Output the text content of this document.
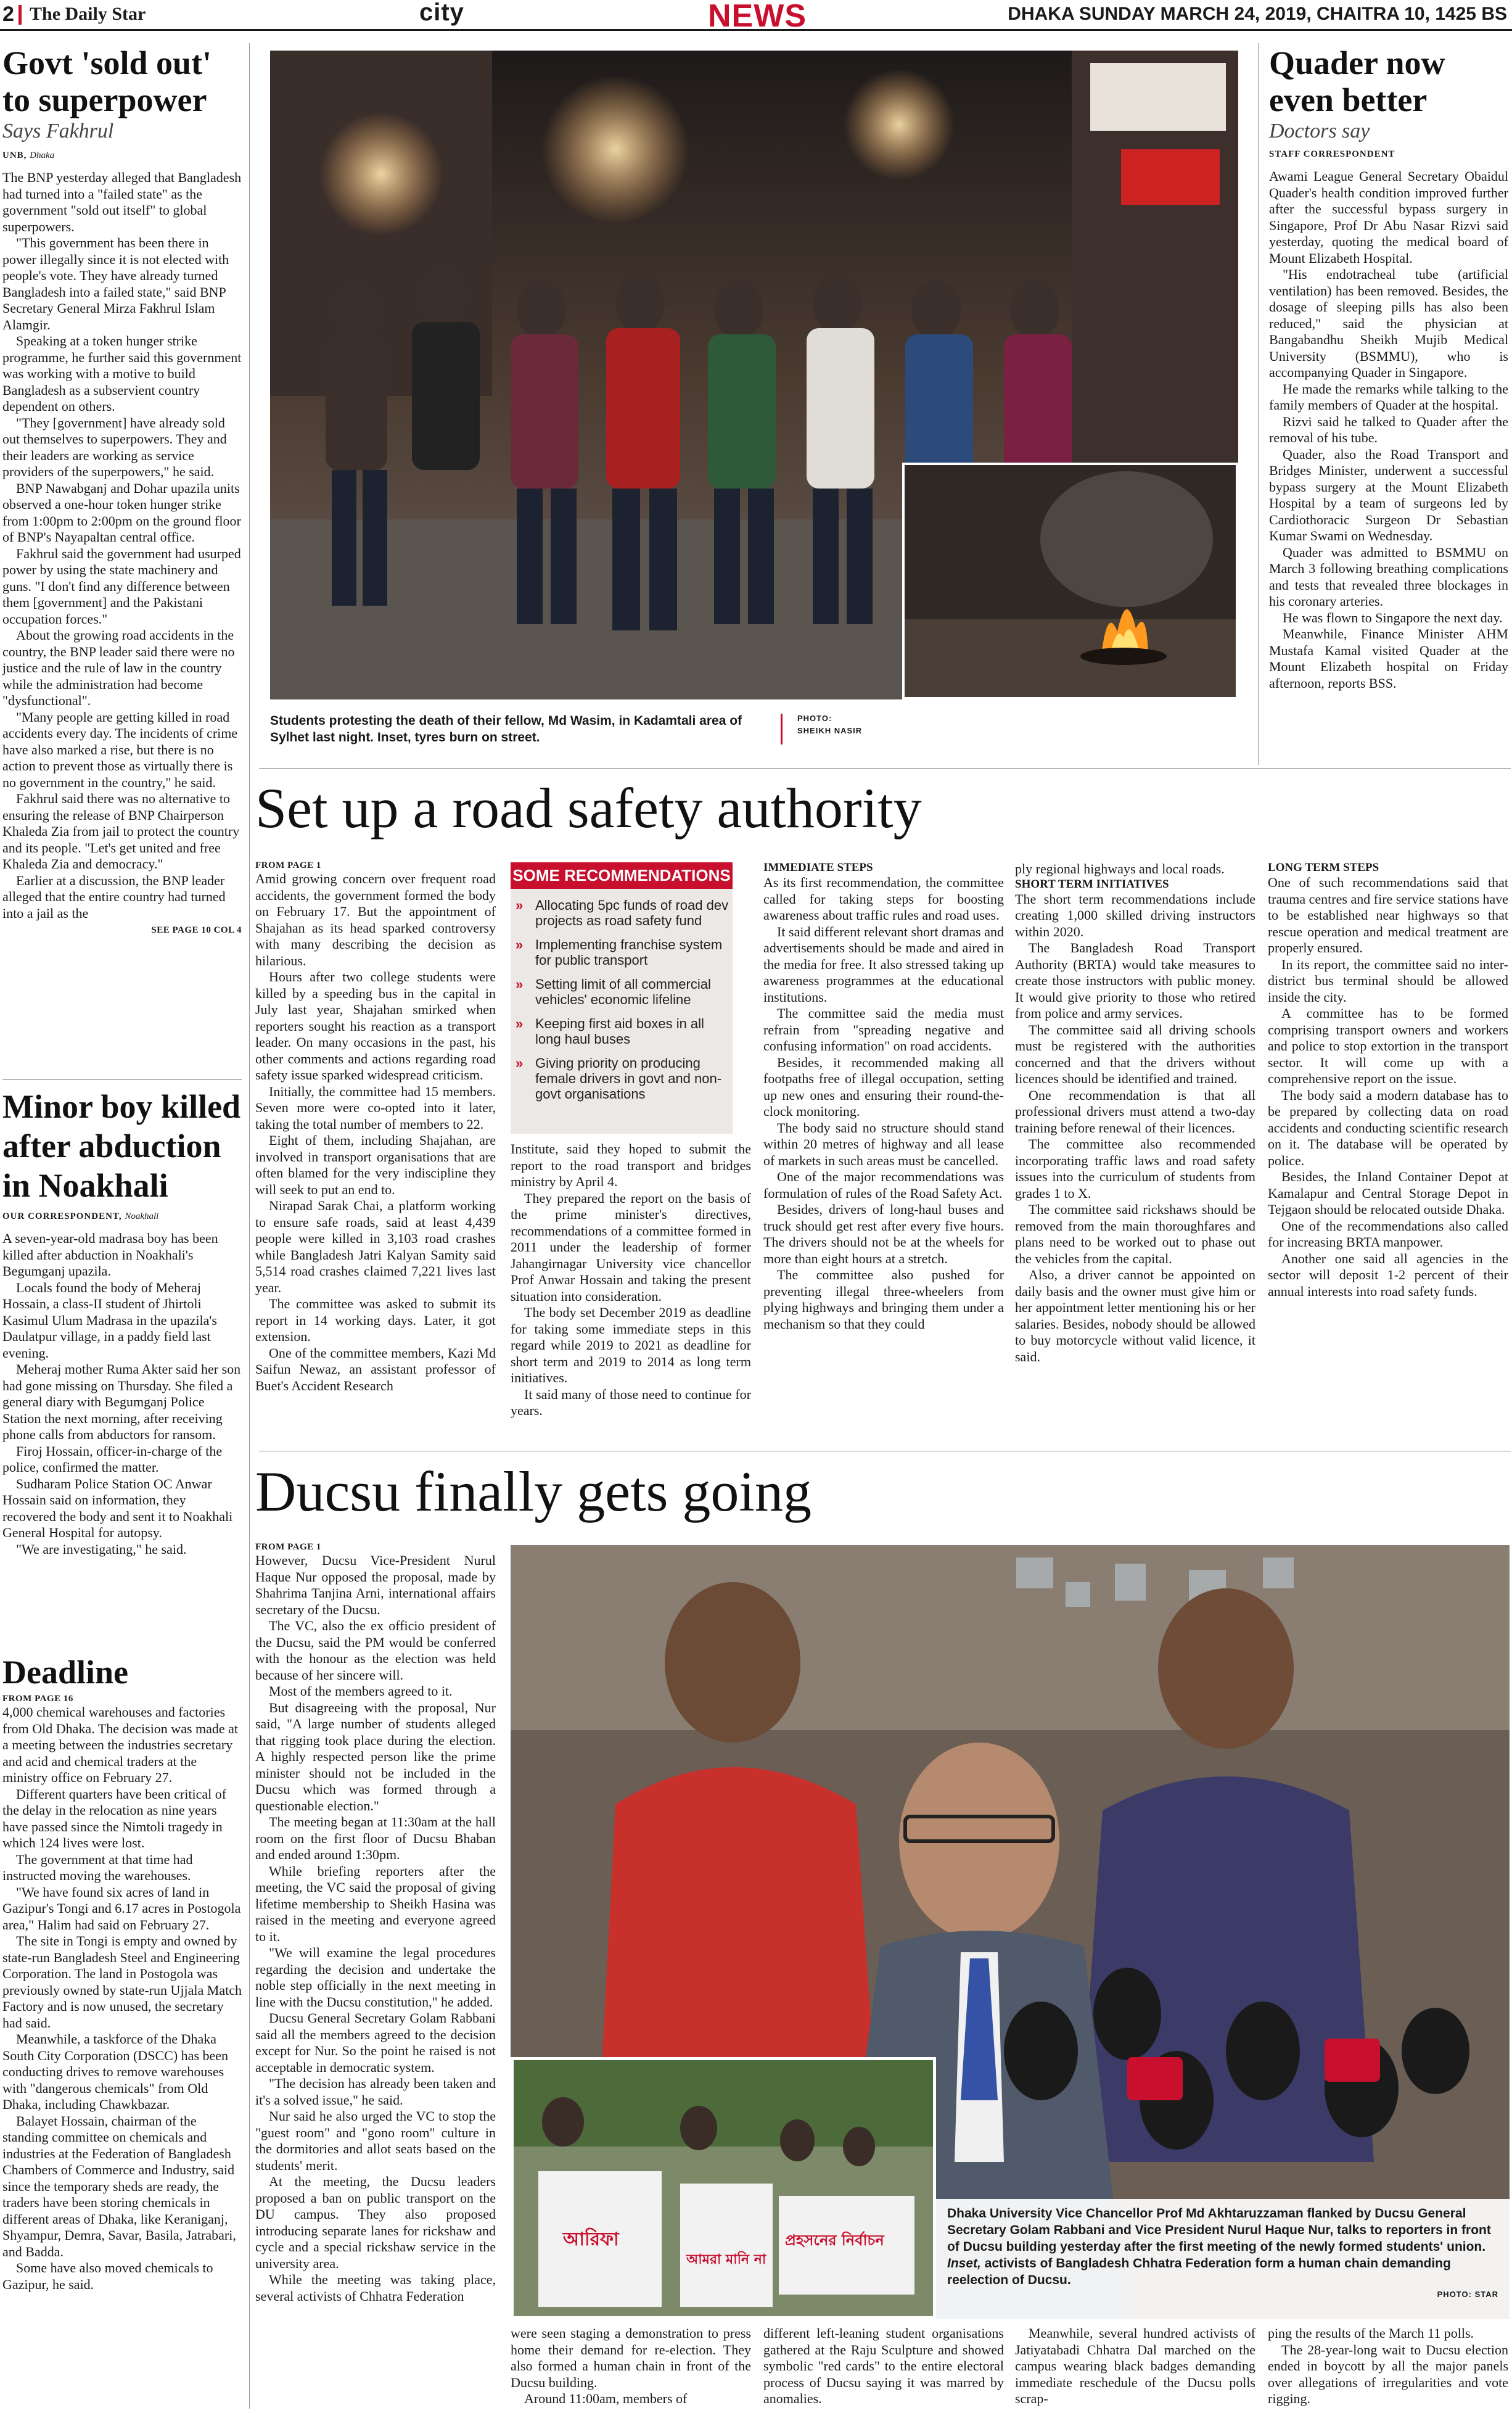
2 The Daily Star	city	NEWS	DHAKA SUNDAY MARCH 24, 2019, CHAITRA 10, 1425 BS
Govt 'sold out'
to superpower
Says Fakhrul
UNB, Dhaka

The BNP yesterday alleged that Bangladesh had turned into a "failed state" as the government "sold out itself" to global superpowers.

"This government has been there in power illegally since it is not elected with people's vote. They have already turned Bangladesh into a failed state," said BNP Secretary General Mirza Fakhrul Islam Alamgir.

Speaking at a token hunger strike programme, he further said this government was working with a motive to build Bangladesh as a subservient country dependent on others.

"They [government] have already sold out themselves to superpowers. They and their leaders are working as service providers of the superpowers," he said.

BNP Nawabganj and Dohar upazila units observed a one-hour token hunger strike from 1:00pm to 2:00pm on the ground floor of BNP's Nayapaltan central office.

Fakhrul said the government had usurped power by using the state machinery and guns. "I don't find any difference between them [government] and the Pakistani occupation forces."

About the growing road accidents in the country, the BNP leader said there were no justice and the rule of law in the country while the administration had become "dysfunctional".

"Many people are getting killed in road accidents every day. The incidents of crime have also marked a rise, but there is no action to prevent those as virtually there is no government in the country," he said.

Fakhrul said there was no alternative to ensuring the release of BNP Chairperson Khaleda Zia from jail to protect the country and its people. "Let's get united and free Khaleda Zia and democracy."

Earlier at a discussion, the BNP leader alleged that the entire country had turned into a jail as the

SEE PAGE 10 COL 4
Minor boy killed after abduction in Noakhali
OUR CORRESPONDENT, Noakhali

A seven-year-old madrasa boy has been killed after abduction in Noakhali's Begumganj upazila.

Locals found the body of Meheraj Hossain, a class-II student of Jhirtoli Kasimul Ulum Madrasa in the upazila's Daulatpur village, in a paddy field last evening.

Meheraj mother Ruma Akter said her son had gone missing on Thursday. She filed a general diary with Begumganj Police Station the next morning, after receiving phone calls from abductors for ransom.

Firoj Hossain, officer-in-charge of the police, confirmed the matter.

Sudharam Police Station OC Anwar Hossain said on information, they recovered the body and sent it to Noakhali General Hospital for autopsy.

"We are investigating," he said.

Deadline
FROM PAGE 16

4,000 chemical warehouses and factories from Old Dhaka. The decision was made at a meeting between the industries secretary and acid and chemical traders at the ministry office on February 27.

Different quarters have been critical of the delay in the relocation as nine years have passed since the Nimtoli tragedy in which 124 lives were lost.

The government at that time had instructed moving the warehouses.

"We have found six acres of land in Gazipur's Tongi and 6.17 acres in Postogola area," Halim had said on February 27.

The site in Tongi is empty and owned by state-run Bangladesh Steel and Engineering Corporation. The land in Postogola was previously owned by state-run Ujjala Match Factory and is now unused, the secretary had said.

Meanwhile, a taskforce of the Dhaka South City Corporation (DSCC) has been conducting drives to remove warehouses with "dangerous chemicals" from Old Dhaka, including Chawkbazar.

Balayet Hossain, chairman of the standing committee on chemicals and industries at the Federation of Bangladesh Chambers of Commerce and Industry, said since the temporary sheds are ready, the traders have been storing chemicals in different areas of Dhaka, like Keraniganj, Shyampur, Demra, Savar, Basila, Jatrabari, and Badda.

Some have also moved chemicals to Gazipur, he said.

Students protesting the death of their fellow, Md Wasim, in Kadamtali area of Sylhet last night. Inset, tyres burn on street.
PHOTO:
SHEIKH NASIR
Quader now
even better
Doctors say
STAFF CORRESPONDENT

Awami League General Secretary Obaidul Quader's health condition improved further after the successful bypass surgery in Singapore, Prof Dr Abu Nasar Rizvi said yesterday, quoting the medical board of Mount Elizabeth Hospital.

"His endotracheal tube (artificial ventilation) has been removed. Besides, the dosage of sleeping pills has also been reduced," said the physician at Bangabandhu Sheikh Mujib Medical University (BSMMU), who is accompanying Quader in Singapore.

He made the remarks while talking to the family members of Quader at the hospital.

Rizvi said he talked to Quader after the removal of his tube.

Quader, also the Road Transport and Bridges Minister, underwent a successful bypass surgery at the Mount Elizabeth Hospital by a team of surgeons led by Cardiothoracic Surgeon Dr Sebastian Kumar Swami on Wednesday.

Quader was admitted to BSMMU on March 3 following breathing complications and tests that revealed three blockages in his coronary arteries.

He was flown to Singapore the next day.

Meanwhile, Finance Minister AHM Mustafa Kamal visited Quader at the Mount Elizabeth hospital on Friday afternoon, reports BSS.

Set up a road safety authority
FROM PAGE 1

Amid growing concern over frequent road accidents, the government formed the body on February 17. But the appointment of Shajahan as its head sparked controversy with many describing the decision as hilarious.

Hours after two college students were killed by a speeding bus in the capital in July last year, Shajahan smirked when reporters sought his reaction as a transport leader. On many occasions in the past, his other comments and actions regarding road safety issue sparked widespread criticism.

Initially, the committee had 15 members. Seven more were co-opted into it later, taking the total number of members to 22.

Eight of them, including Shajahan, are involved in transport organisations that are often blamed for the very indiscipline they will seek to put an end to.

Nirapad Sarak Chai, a platform working to ensure safe roads, said at least 4,439 people were killed in 3,103 road crashes while Bangladesh Jatri Kalyan Samity said 5,514 road crashes claimed 7,221 lives last year.

The committee was asked to submit its report in 14 working days. Later, it got extension.

One of the committee members, Kazi Md Saifun Newaz, an assistant professor of Buet's Accident Research

SOME RECOMMENDATIONS
» Allocating 5pc funds of road dev projects as road safety fund
» Implementing franchise system for public transport
» Setting limit of all commercial vehicles' economic lifeline
» Keeping first aid boxes in all long haul buses
» Giving priority on producing female drivers in govt and non-govt organisations

Institute, said they hoped to submit the report to the road transport and bridges ministry by April 4.

They prepared the report on the basis of the prime minister's directives, recommendations of a committee formed in 2011 under the leadership of former Jahangirnagar University vice chancellor Prof Anwar Hossain and taking the present situation into consideration.

The body set December 2019 as deadline for taking some immediate steps in this regard while 2019 to 2021 as deadline for short term and 2019 to 2014 as long term initiatives.

It said many of those need to continue for years.

IMMEDIATE STEPS

As its first recommendation, the committee called for taking steps for boosting awareness about traffic rules and road uses.

It said different relevant short dramas and advertisements should be made and aired in the media for free. It also stressed taking up awareness programmes at the educational institutions.

The committee said the media must refrain from "spreading negative and confusing information" on road accidents.

Besides, it recommended making all footpaths free of illegal occupation, setting up new ones and ensuring their round-the-clock monitoring.

The body said no structure should stand within 20 metres of highway and all lease of markets in such areas must be cancelled.

One of the major recommendations was formulation of rules of the Road Safety Act.

Besides, drivers of long-haul buses and truck should get rest after every five hours. The drivers should not be at the wheels for more than eight hours at a stretch.

The committee also pushed for preventing illegal three-wheelers from plying highways and bringing them under a mechanism so that they could

ply regional highways and local roads.
SHORT TERM INITIATIVES

The short term recommendations include creating 1,000 skilled driving instructors within 2020.

The Bangladesh Road Transport Authority (BRTA) would take measures to create those instructors with public money. It would give priority to those who retired from police and army services.

The committee said all driving schools must be registered with the authorities concerned and that the drivers without licences should be identified and trained.

One recommendation is that all professional drivers must attend a two-day training before renewal of their licences.

The committee also recommended incorporating traffic laws and road safety issues into the curriculum of students from grades 1 to X.

The committee said rickshaws should be removed from the main thoroughfares and plans need to be worked out to phase out the vehicles from the capital.

Also, a driver cannot be appointed on daily basis and the owner must give him or her appointment letter mentioning his or her salaries. Besides, nobody should be allowed to buy motorcycle without valid licence, it said.

LONG TERM STEPS

One of such recommendations said that trauma centres and fire service stations have to be established near highways so that rescue operation and medical treatment are properly ensured.

In its report, the committee said no inter-district bus terminal should be allowed inside the city.

A committee has to be formed comprising transport owners and workers and police to stop extortion in the transport sector. It will come up with a comprehensive report on the issue.

The body said a modern database has to be prepared by collecting data on road accidents and conducting scientific research on it. The database will be operated by police.

Besides, the Inland Container Depot at Kamalapur and Central Storage Depot in Tejgaon should be relocated outside Dhaka.

One of the recommendations also called for increasing BRTA manpower.

Another one said all agencies in the sector will deposit 1-2 percent of their annual interests into road safety funds.

Ducsu finally gets going
FROM PAGE 1

However, Ducsu Vice-President Nurul Haque Nur opposed the proposal, made by Shahrima Tanjina Arni, international affairs secretary of the Ducsu.

The VC, also the ex officio president of the Ducsu, said the PM would be conferred with the honour as the election was held because of her sincere will.

Most of the members agreed to it.

But disagreeing with the proposal, Nur said, "A large number of students alleged that rigging took place during the election. A highly respected person like the prime minister should not be included in the Ducsu which was formed through a questionable election."

The meeting began at 11:30am at the hall room on the first floor of Ducsu Bhaban and ended around 1:30pm.

While briefing reporters after the meeting, the VC said the proposal of giving lifetime membership to Sheikh Hasina was raised in the meeting and everyone agreed to it.

"We will examine the legal procedures regarding the decision and undertake the noble step officially in the next meeting in line with the Ducsu constitution," he added.

Ducsu General Secretary Golam Rabbani said all the members agreed to the decision except for Nur. So the point he raised is not acceptable in democratic system.

"The decision has already been taken and it's a solved issue," he said.

Nur said he also urged the VC to stop the "guest room" and "gono room" culture in the dormitories and allot seats based on the students' merit.

At the meeting, the Ducsu leaders proposed a ban on public transport on the DU campus. They also proposed introducing separate lanes for rickshaw and cycle and a special rickshaw service in the university area.

While the meeting was taking place, several activists of Chhatra Federation

আরিফা	প্রহসনের নির্বাচন
আমরা মানি না
Dhaka University Vice Chancellor Prof Md Akhtaruzzaman flanked by Ducsu General Secretary Golam Rabbani and Vice President Nurul Haque Nur, talks to reporters in front of Ducsu building yesterday after the first meeting of the newly formed students' union. Inset, activists of Bangladesh Chhatra Federation form a human chain demanding reelection of Ducsu.
PHOTO: STAR

were seen staging a demonstration to press home their demand for re-election. They also formed a human chain in front of the Ducsu building.

Around 11:00am, members of

different left-leaning student organisations gathered at the Raju Sculpture and showed symbolic "red cards" to the entire electoral process of Ducsu saying it was marred by anomalies.

Meanwhile, several hundred activists of Jatiyatabadi Chhatra Dal marched on the campus wearing black badges demanding immediate reschedule of the Ducsu polls scrap-

ping the results of the March 11 polls.

The 28-year-long wait to Ducsu election ended in boycott by all the major panels over allegations of irregularities and vote rigging.
